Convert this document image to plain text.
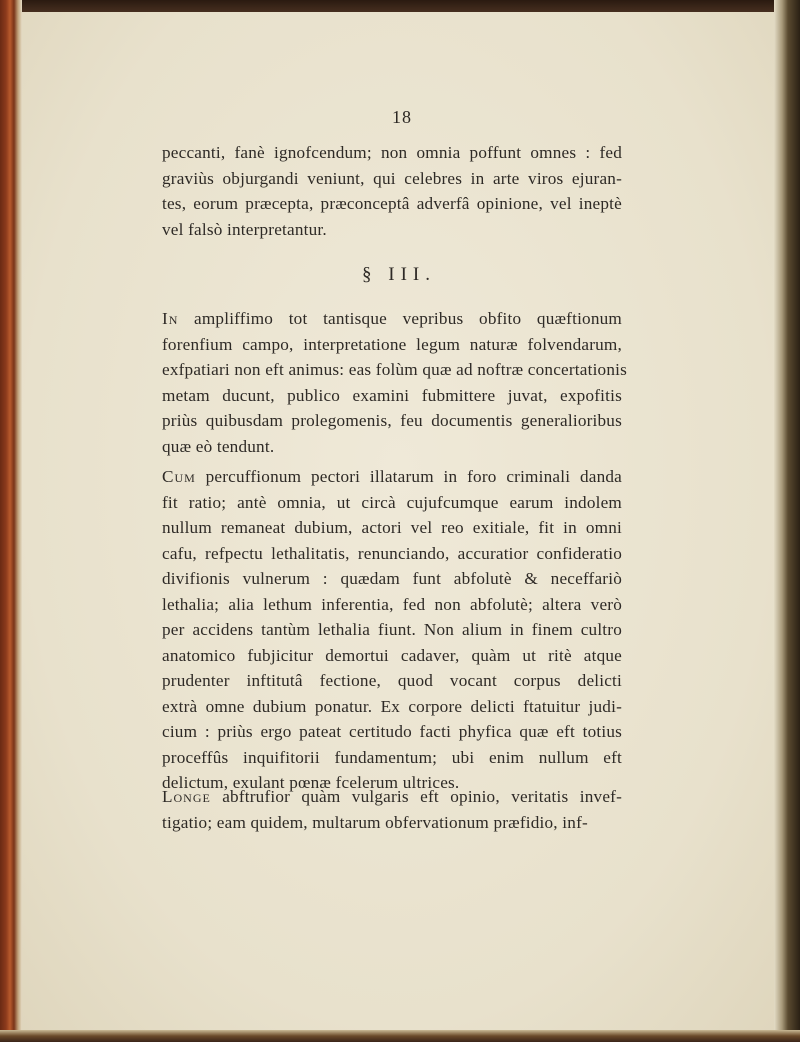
18
peccanti, fanè ignofcendum; non omnia poffunt omnes : fed
graviùs objurgandi veniunt, qui celebres in arte viros ejuran-
tes, eorum præcepta, præconceptâ adverfâ opinione, vel ineptè
vel falsò interpretantur.
§ III.
In ampliffimo tot tantisque vepribus obfito quæftionum
forenfium campo, interpretatione legum naturæ folvendarum,
exfpatiari non eft animus: eas folùm quæ ad noftræ concertationis
metam ducunt, publico examini fubmittere juvat, expofitis
priùs quibusdam prolegomenis, feu documentis generalioribus
quæ eò tendunt.
Cum percuffionum pectori illatarum in foro criminali danda
fit ratio; antè omnia, ut circà cujufcumque earum indolem
nullum remaneat dubium, actori vel reo exitiale, fit in omni
cafu, refpectu lethalitatis, renunciando, accuratior confideratio
divifionis vulnerum : quædam funt abfolutè & neceffariò
lethalia; alia lethum inferentia, fed non abfolutè; altera verò
per accidens tantùm lethalia fiunt. Non alium in finem cultro
anatomico fubjicitur demortui cadaver, quàm ut ritè atque
prudenter inftitutâ fectione, quod vocant corpus delicti
extrà omne dubium ponatur. Ex corpore delicti ftatuitur judi-
cium : priùs ergo pateat certitudo facti phyfica quæ eft totius
proceffûs inquifitorii fundamentum; ubi enim nullum eft
delictum, exulant pœnæ fcelerum ultrices.
Longe abftrufior quàm vulgaris eft opinio, veritatis invef-
tigatio; eam quidem, multarum obfervationum præfidio, inf-
